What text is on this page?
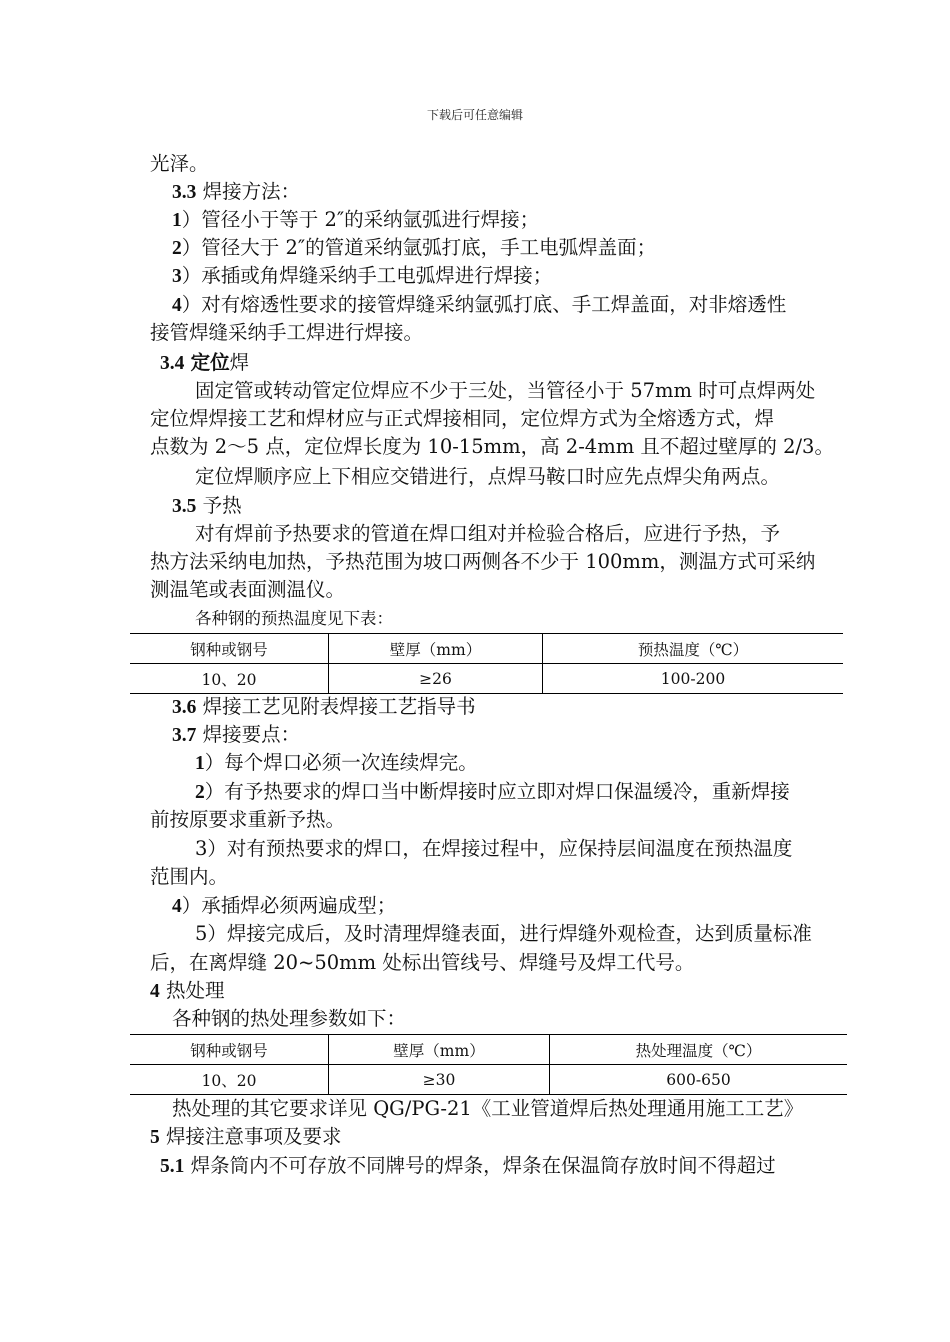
下载后可任意编辑
光泽。
3.3 焊接方法：
1）管径小于等于 2″的采纳氩弧进行焊接；
2）管径大于 2″的管道采纳氩弧打底，手工电弧焊盖面；
3）承插或角焊缝采纳手工电弧焊进行焊接；
4）对有熔透性要求的接管焊缝采纳氩弧打底、手工焊盖面，对非熔透性
接管焊缝采纳手工焊进行焊接。
3.4 定位焊
固定管或转动管定位焊应不少于三处，当管径小于 57mm 时可点焊两处
定位焊焊接工艺和焊材应与正式焊接相同，定位焊方式为全熔透方式，焊
点数为 2～5 点，定位焊长度为 10-15mm，高 2-4mm 且不超过壁厚的 2/3。
定位焊顺序应上下相应交错进行，点焊马鞍口时应先点焊尖角两点。
3.5 予热
对有焊前予热要求的管道在焊口组对并检验合格后，应进行予热，予
热方法采纳电加热，予热范围为坡口两侧各不少于 100mm，测温方式可采纳
测温笔或表面测温仪。
各种钢的预热温度见下表：
钢种或钢号	壁厚（mm）	预热温度（℃）
10、20	≥26	100-200
3.6 焊接工艺见附表焊接工艺指导书
3.7 焊接要点：
1）每个焊口必须一次连续焊完。
2）有予热要求的焊口当中断焊接时应立即对焊口保温缓冷，重新焊接
前按原要求重新予热。
3）对有预热要求的焊口，在焊接过程中，应保持层间温度在预热温度
范围内。
4）承插焊必须两遍成型；
5）焊接完成后，及时清理焊缝表面，进行焊缝外观检查，达到质量标准
后，在离焊缝 20~50mm 处标出管线号、焊缝号及焊工代号。
4 热处理
各种钢的热处理参数如下：
钢种或钢号	壁厚（mm）	热处理温度（℃）
10、20	≥30	600-650
热处理的其它要求详见 QG/PG-21《工业管道焊后热处理通用施工工艺》
5 焊接注意事项及要求
5.1 焊条筒内不可存放不同牌号的焊条，焊条在保温筒存放时间不得超过
